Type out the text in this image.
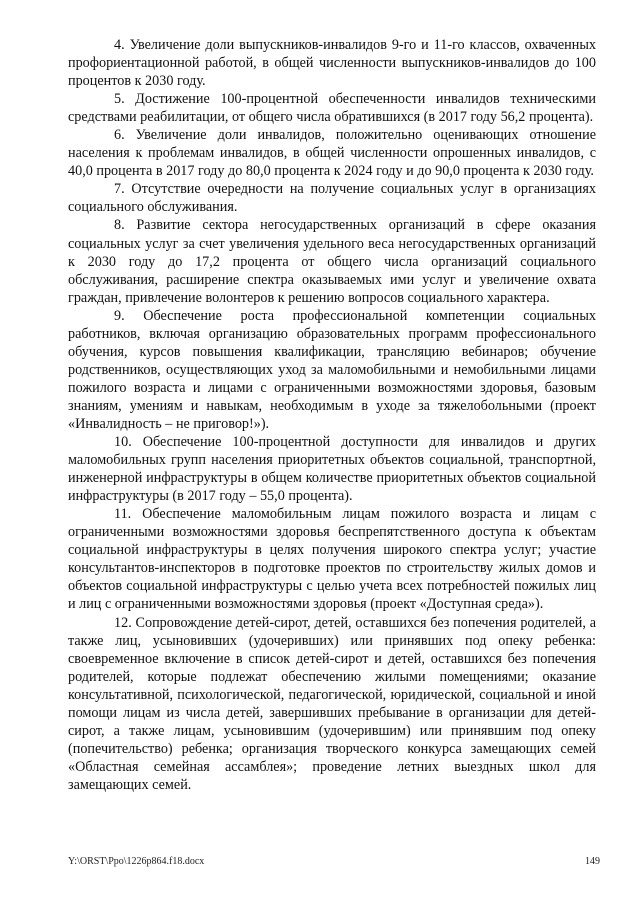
4. Увеличение доли выпускников-инвалидов 9-го и 11-го классов, охваченных профориентационной работой, в общей численности выпускников-инвалидов до 100 процентов к 2030 году.

5. Достижение 100-процентной обеспеченности инвалидов техническими средствами реабилитации, от общего числа обратившихся (в 2017 году 56,2 процента).

6. Увеличение доли инвалидов, положительно оценивающих отношение населения к проблемам инвалидов, в общей численности опрошенных инвалидов, с 40,0 процента в 2017 году до 80,0 процента к 2024 году и до 90,0 процента к 2030 году.

7. Отсутствие очередности на получение социальных услуг в организациях социального обслуживания.

8. Развитие сектора негосударственных организаций в сфере оказания социальных услуг за счет увеличения удельного веса негосударственных организаций к 2030 году до 17,2 процента от общего числа организаций социального обслуживания, расширение спектра оказываемых ими услуг и увеличение охвата граждан, привлечение волонтеров к решению вопросов социального характера.

9. Обеспечение роста профессиональной компетенции социальных работников, включая организацию образовательных программ профессионального обучения, курсов повышения квалификации, трансляцию вебинаров; обучение родственников, осуществляющих уход за маломобильными и немобильными лицами пожилого возраста и лицами с ограниченными возможностями здоровья, базовым знаниям, умениям и навыкам, необходимым в уходе за тяжелобольными (проект «Инвалидность – не приговор!»).

10. Обеспечение 100-процентной доступности для инвалидов и других маломобильных групп населения приоритетных объектов социальной, транспортной, инженерной инфраструктуры в общем количестве приоритетных объектов социальной инфраструктуры (в 2017 году – 55,0 процента).

11. Обеспечение маломобильным лицам пожилого возраста и лицам с ограниченными возможностями здоровья беспрепятственного доступа к объектам социальной инфраструктуры в целях получения широкого спектра услуг; участие консультантов-инспекторов в подготовке проектов по строительству жилых домов и объектов социальной инфраструктуры с целью учета всех потребностей пожилых лиц и лиц с ограниченными возможностями здоровья (проект «Доступная среда»).

12. Сопровождение детей-сирот, детей, оставшихся без попечения родителей, а также лиц, усыновивших (удочеривших) или принявших под опеку ребенка: своевременное включение в список детей-сирот и детей, оставшихся без попечения родителей, которые подлежат обеспечению жилыми помещениями; оказание консультативной, психологической, педагогической, юридической, социальной и иной помощи лицам из числа детей, завершивших пребывание в организации для детей-сирот, а также лицам, усыновившим (удочерившим) или принявшим под опеку (попечительство) ребенка; организация творческого конкурса замещающих семей «Областная семейная ассамблея»; проведение летних выездных школ для замещающих семей.

Y:\ORST\Ppo\1226p864.f18.docx	149
